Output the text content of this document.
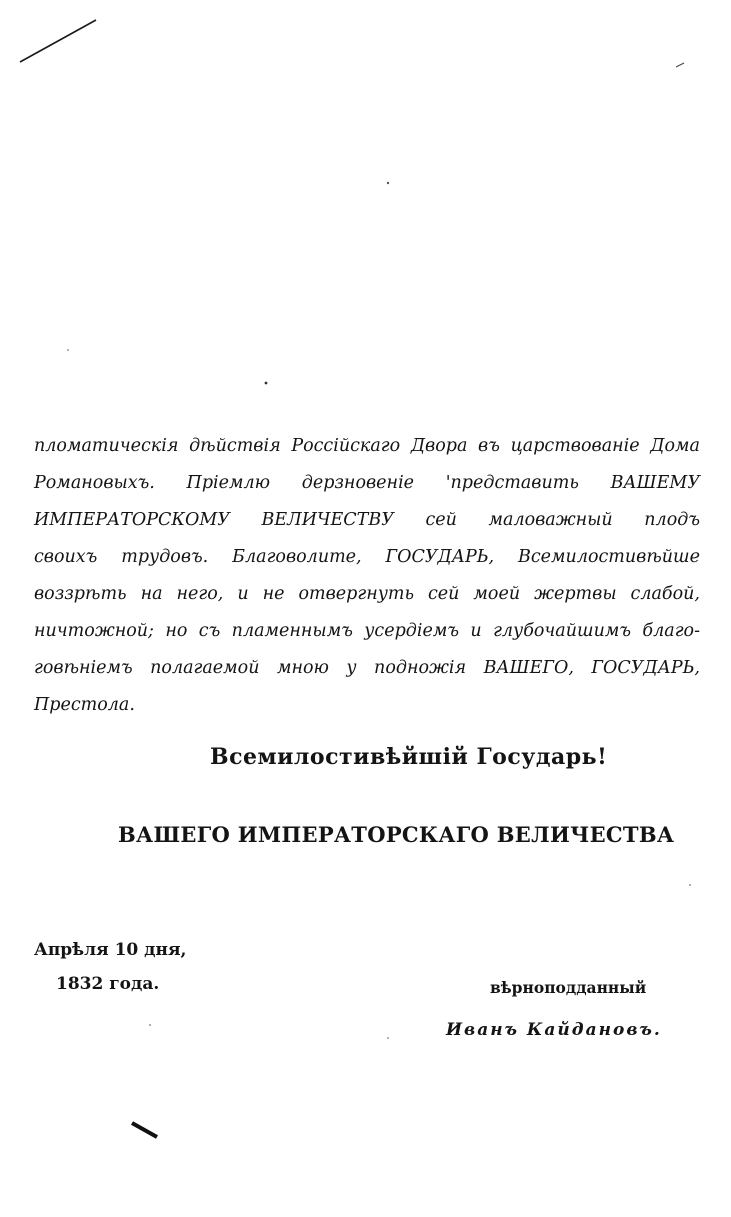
пломатическія дѣйствія Россійскаго Двора въ царствованіе Дома
Романовыхъ. Пріемлю дерзновеніе 'представить ВАШЕМУ
ИМПЕРАТОРСКОМУ ВЕЛИЧЕСТВУ сей маловажный плодъ
своихъ трудовъ. Благоволите, ГОСУДАРЬ, Всемилостивѣйше
воззрѣть на него, и не отвергнуть сей моей жертвы слабой,
ничтожной; но съ пламеннымъ усердіемъ и глубочайшимъ благо-
говѣніемъ полагаемой мною у подножія ВАШЕГО, ГОСУДАРЬ,
Престола.
Всемилостивѣйшій Государь!
ВАШЕГО ИМПЕРАТОРСКАГО ВЕЛИЧЕСТВА
Апрѣля 10 дня,
1832 года.	вѣрноподданный
Иванъ Кайдановъ.
